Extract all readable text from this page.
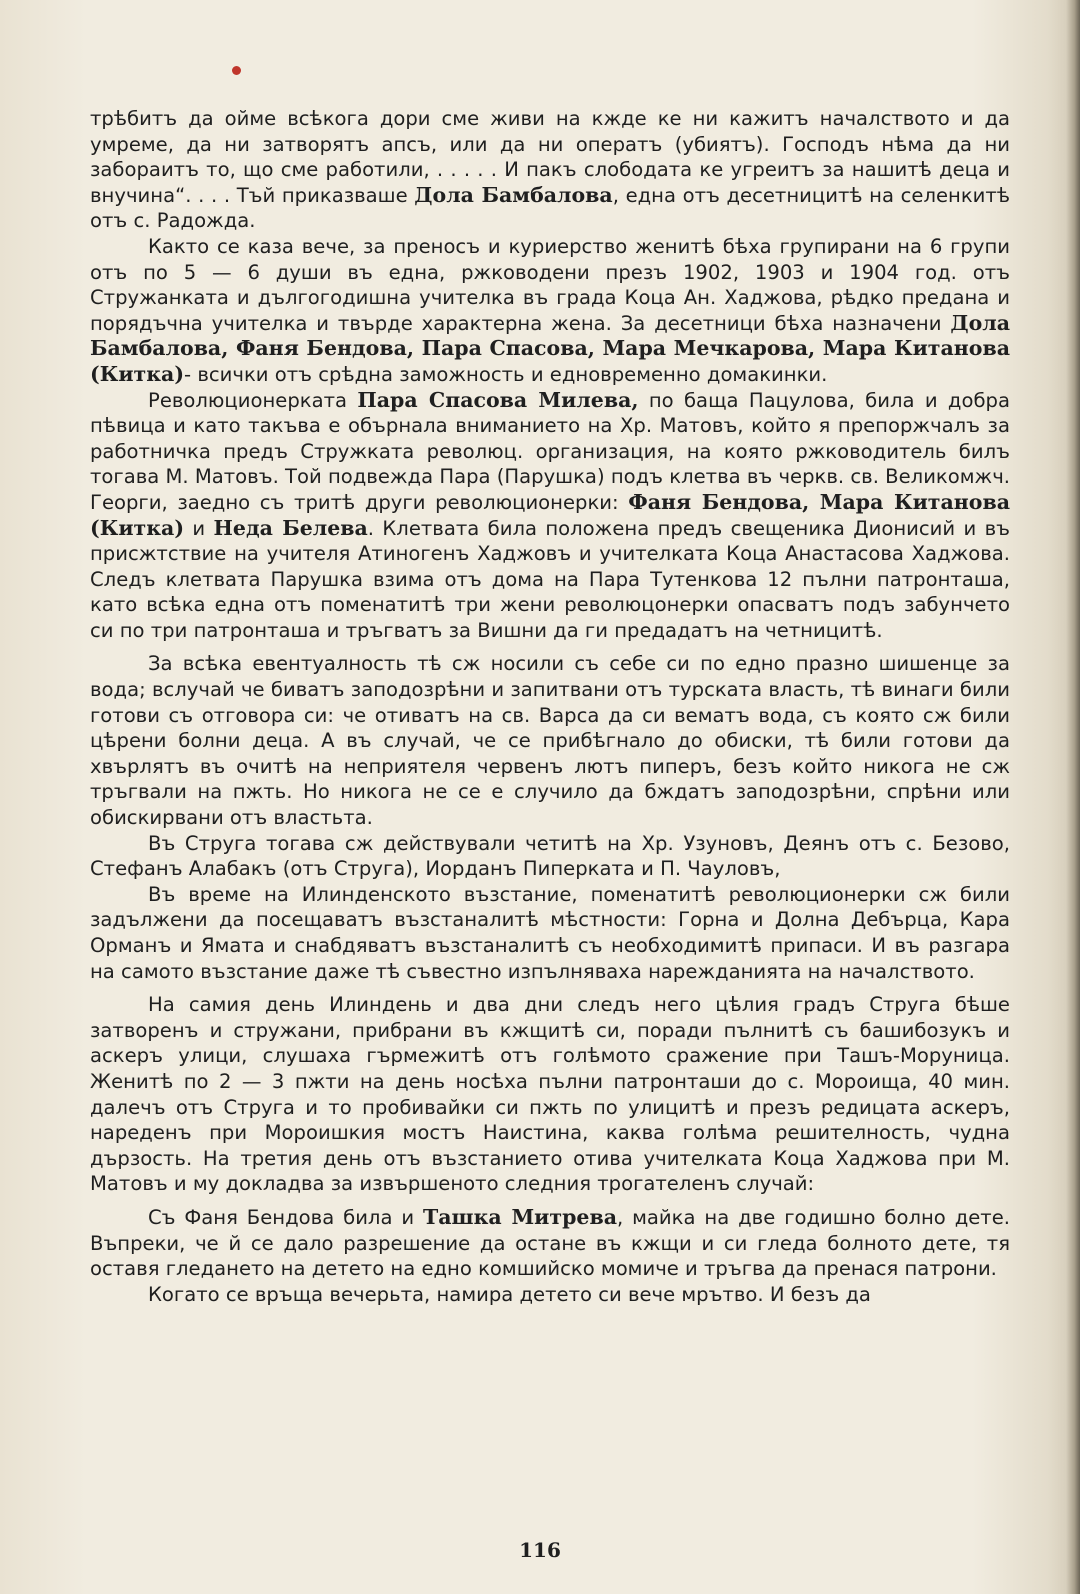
трѣбитъ да ойме всѣкога дори сме живи на кжде ке ни кажитъ началството и да умреме, да ни затворятъ апсъ, или да ни оператъ (убиятъ). Господъ нѣма да ни забораитъ то, що сме работили, . . . . . И пакъ слободата ке угреитъ за нашитѣ деца и внучина“. . . . Тъй приказваше Дола Бамбалова, една отъ десетницитѣ на селенкитѣ отъ с. Радожда.

Както се каза вече, за преносъ и куриерство женитѣ бѣха групирани на 6 групи отъ по 5 — 6 души въ една, ржководени презъ 1902, 1903 и 1904 год. отъ Стружанката и дългогодишна учителка въ града Коца Ан. Хаджова, рѣдко предана и порядъчна учителка и твърде характерна жена. За десетници бѣха назначени Дола Бамбалова, Фаня Бендова, Пара Спасова, Мара Мечкарова, Мара Китанова (Китка)- всички отъ срѣдна заможность и едновременно домакинки.

Революционерката Пара Спасова Милева, по баща Пацулова, била и добра пѣвица и като такъва е обърнала вниманието на Хр. Матовъ, който я препоржчалъ за работничка предъ Стружката революц. организация, на която ржководитель билъ тогава М. Матовъ. Той подвежда Пара (Парушка) подъ клетва въ черкв. св. Великомжч. Георги, заедно съ тритѣ други революционерки: Фаня Бендова, Мара Китанова (Китка) и Неда Белева. Клетвата била положена предъ свещеника Дионисий и въ присжтствие на учителя Атиногенъ Хаджовъ и учителката Коца Анастасова Хаджова. Следъ клетвата Парушка взима отъ дома на Пара Тутенкова 12 пълни патронташа, като всѣка една отъ поменатитѣ три жени революцонерки опасватъ подъ забунчето си по три патронташа и тръгватъ за Вишни да ги предадатъ на четницитѣ.

За всѣка евентуалность тѣ сж носили съ себе си по едно празно шишенце за вода; вслучай че биватъ заподозрѣни и запитвани отъ турската власть, тѣ винаги били готови съ отговора си: че отиватъ на св. Варса да си вематъ вода, съ която сж били цѣрени болни деца. А въ случай, че се прибѣгнало до обиски, тѣ били готови да хвърлятъ въ очитѣ на неприятеля червенъ лютъ пиперъ, безъ който никога не сж тръгвали на пжть. Но никога не се е случило да бждатъ заподозрѣни, спрѣни или обискирвани отъ властьта.

Въ Струга тогава сж действували четитѣ на Хр. Узуновъ, Деянъ отъ с. Безово, Стефанъ Алабакъ (отъ Струга), Иорданъ Пиперката и П. Чауловъ,

Въ време на Илинденското възстание, поменатитѣ революционерки сж били задължени да посещаватъ възстаналитѣ мѣстности: Горна и Долна Дебърца, Кара Орманъ и Ямата и снабдяватъ възстаналитѣ съ необходимитѣ припаси. И въ разгара на самото възстание даже тѣ съвестно изпълняваха нарежданията на началството.

На самия день Илиндень и два дни следъ него цѣлия градъ Струга бѣше затворенъ и стружани, прибрани въ кжщитѣ си, поради пълнитѣ съ башибозукъ и аскеръ улици, слушаха гърмежитѣ отъ голѣмото сражение при Ташъ-Моруница. Женитѣ по 2 — 3 пжти на день носѣха пълни патронташи до с. Мороища, 40 мин. далечъ отъ Струга и то пробивайки си пжть по улицитѣ и презъ редицата аскеръ, нареденъ при Мороишкия мостъ Наистина, каква голѣма решителность, чудна дързость. На третия день отъ възстанието отива учителката Коца Хаджова при М. Матовъ и му докладва за извършеното следния трогателенъ случай:

Съ Фаня Бендова била и Ташка Митрева, майка на две годишно болно дете. Въпреки, че й се дало разрешение да остане въ кжщи и си гледа болното дете, тя оставя гледането на детето на едно комшийско момиче и тръгва да пренася патрони.

Когато се връща вечерьта, намира детето си вече мрътво. И безъ да

116
